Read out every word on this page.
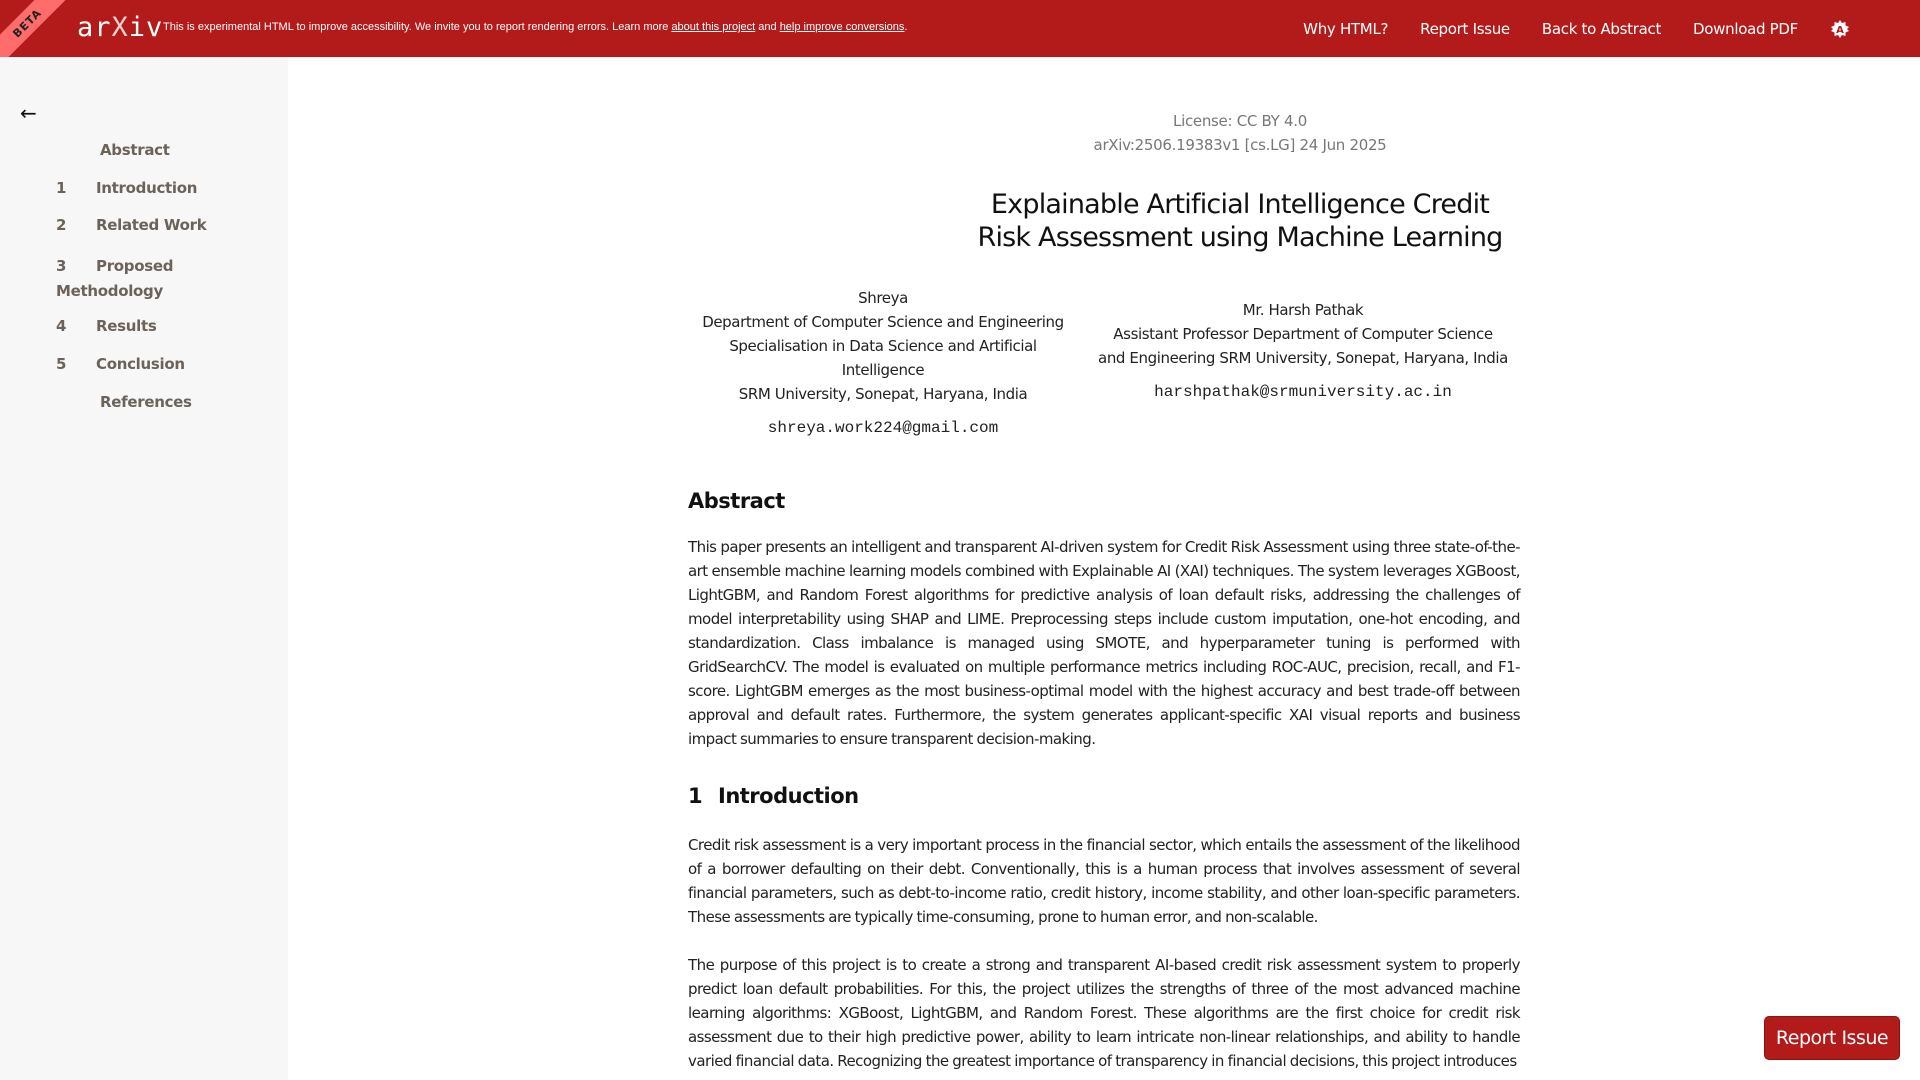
BETA arXiv This is experimental HTML to improve accessibility. We invite you to report rendering errors. Learn more about this project and help improve conversions.	Why HTML? Report Issue Back to Abstract Download PDF	A
←
Abstract
1 Introduction
2 Related Work
3 Proposed Methodology
4 Results
5 Conclusion
References
License: CC BY 4.0
arXiv:2506.19383v1 [cs.LG] 24 Jun 2025
Explainable Artificial Intelligence Credit
Risk Assessment using Machine Learning
Shreya
Department of Computer Science and Engineering
Specialisation in Data Science and Artificial Intelligence
SRM University, Sonepat, Haryana, India
shreya.work224@gmail.com
Mr. Harsh Pathak
Assistant Professor Department of Computer Science
and Engineering SRM University, Sonepat, Haryana, India
harshpathak@srmuniversity.ac.in
Abstract
This paper presents an intelligent and transparent AI-driven system for Credit Risk Assessment using three state-of-the-art ensemble machine learning models combined with Explainable AI (XAI) techniques. The system leverages XGBoost, LightGBM, and Random Forest algorithms for predictive analysis of loan default risks, addressing the challenges of model interpretability using SHAP and LIME. Preprocessing steps include custom imputation, one-hot encoding, and standardization. Class imbalance is managed using SMOTE, and hyperparameter tuning is performed with GridSearchCV. The model is evaluated on multiple performance metrics including ROC-AUC, precision, recall, and F1-score. LightGBM emerges as the most business-optimal model with the highest accuracy and best trade-off between approval and default rates. Furthermore, the system generates applicant-specific XAI visual reports and business impact summaries to ensure transparent decision-making.
1 Introduction
Credit risk assessment is a very important process in the financial sector, which entails the assessment of the likelihood of a borrower defaulting on their debt. Conventionally, this is a human process that involves assessment of several financial parameters, such as debt-to-income ratio, credit history, income stability, and other loan-specific parameters. These assessments are typically time-consuming, prone to human error, and non-scalable.
The purpose of this project is to create a strong and transparent AI-based credit risk assessment system to properly predict loan default probabilities. For this, the project utilizes the strengths of three of the most advanced machine learning algorithms: XGBoost, LightGBM, and Random Forest. These algorithms are the first choice for credit risk assessment due to their high predictive power, ability to learn intricate non-linear relationships, and ability to handle varied financial data. Recognizing the greatest importance of transparency in financial decisions, this project introduces
Report Issue
